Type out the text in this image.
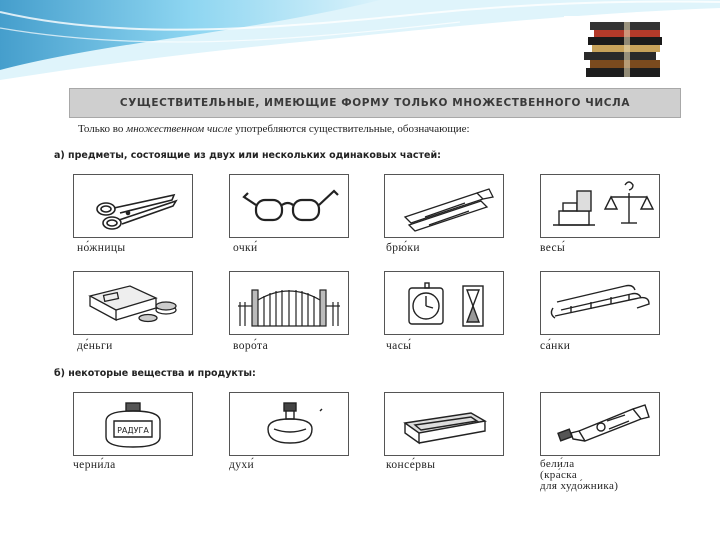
СУЩЕСТВИТЕЛЬНЫЕ, ИМЕЮЩИЕ ФОРМУ ТОЛЬКО МНОЖЕСТВЕННОГО ЧИСЛА
Только во множественном числе употребляются существительные, обозначающие:
а) предметы, состоящие из двух или нескольких одинаковых частей:
но́жницы	очки́	брю́ки	весы́
де́ньги	воро́та	часы́	са́нки
б) некоторые вещества и продукты:
РАДУГА
черни́ла	духи́	консе́рвы	бели́ла
(кра́ска
для худо́жника)
